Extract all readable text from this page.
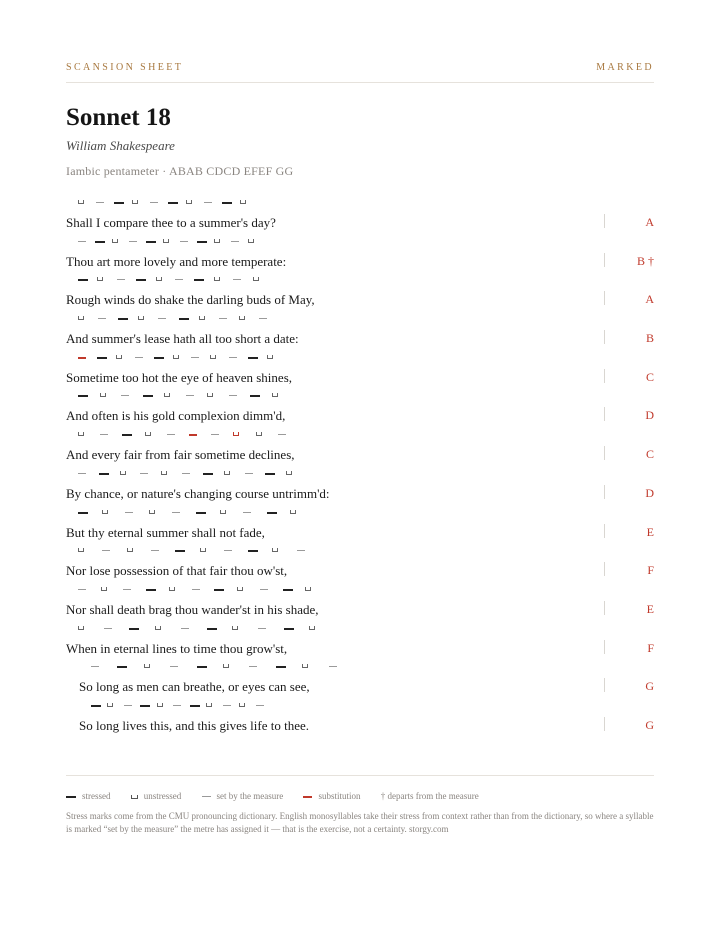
SCANSION SHEET	MARKED
Sonnet 18
William Shakespeare
Iambic pentameter · ABAB CDCD EFEF GG
Shall I compare thee to a summer's day?	A
Thou art more lovely and more temperate:	B †
Rough winds do shake the darling buds of May,	A
And summer's lease hath all too short a date:	B
Sometime too hot the eye of heaven shines,	C
And often is his gold complexion dimm'd,	D
And every fair from fair sometime declines,	C
By chance, or nature's changing course untrimm'd:	D
But thy eternal summer shall not fade,	E
Nor lose possession of that fair thou ow'st,	F
Nor shall death brag thou wander'st in his shade,	E
When in eternal lines to time thou grow'st,	F
So long as men can breathe, or eyes can see,	G
So long lives this, and this gives life to thee.	G
stressed	unstressed	set by the measure	substitution † departs from the measure
Stress marks come from the CMU pronouncing dictionary. English monosyllables take their stress from context rather than from the dictionary, so where a syllable is marked “set by the measure” the metre has assigned it — that is the exercise, not a certainty. storgy.com
